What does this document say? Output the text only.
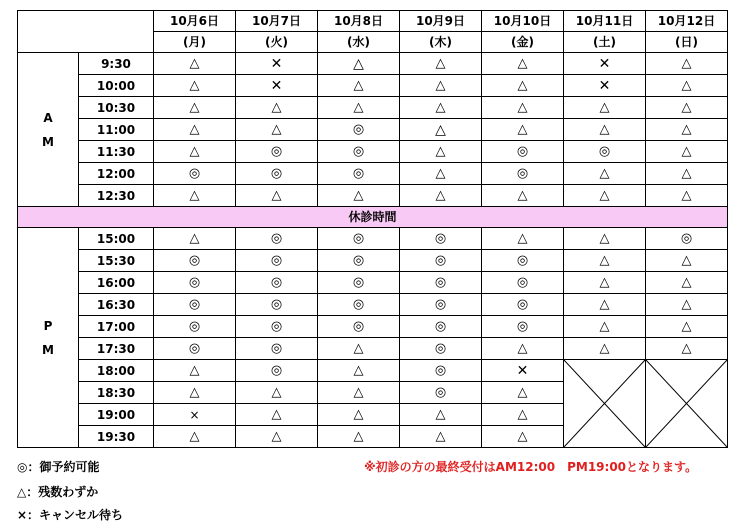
		10月6日	10月7日	10月8日	10月9日	10月10日	10月11日	10月12日
		(月)	(火)	(水)	(木)	(金)	(土)	(日)

A
M	9:30	△	✕	△	△	△	✕	△
	10:00	△	✕	△	△	△	✕	△
	10:30	△	△	△	△	△	△	△
	11:00	△	△	◎	△	△	△	△
	11:30	△	◎	◎	△	◎	◎	△
	12:00	◎	◎	◎	△	◎	△	△
	12:30	△	△	△	△	△	△	△
休診時間								

P
M	15:00	△	◎	◎	◎	△	△	◎
	15:30	◎	◎	◎	◎	◎	△	△
	16:00	◎	◎	◎	◎	◎	△	△
	16:30	◎	◎	◎	◎	◎	△	△
	17:00	◎	◎	◎	◎	◎	△	△
	17:30	◎	◎	△	◎	△	△	△
	18:00	△	◎	△	◎	✕	

	18:30	△	△	△	◎	△		
	19:00	×	△	△	△	△		
	19:30	△	△	△	△	△		
◎：御予約可能
△：残数わずか
×：キャンセル待ち
※初診の方の最終受付はAM12:00　PM19:00となります。
